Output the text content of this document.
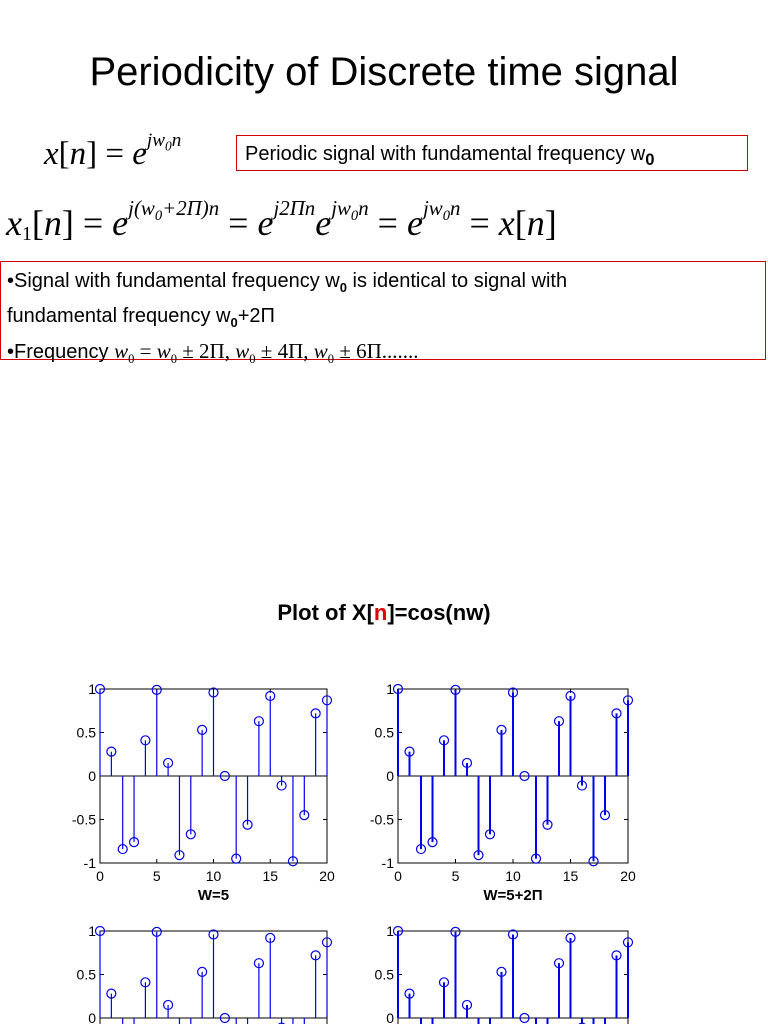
Periodicity of Discrete time signal
$x[n] = e^{jw_0n}$
Periodic signal with fundamental frequency $w_0$
$x_1[n] = e^{j(w_0+2\Pi)n} = e^{j2\Pi n}e^{jw_0n} = e^{jw_0n} = x[n]$
•Signal with fundamental frequency $w_0$ is identical to signal with
fundamental frequency $w_0+2\Pi$
•Frequency $w_0 = w_0 \pm 2\Pi$, $w_0 \pm 4\Pi$, $w_0 \pm 6\Pi$.......
Plot of X[n]=cos(nw)
1
0.5
0
-0.5
-1
0	5	10	15	20
W=5
1
0.5
0
-0.5
-1
0	5	10	15	20
W=5+2Π
1
0.5
0
1
0.5
0
